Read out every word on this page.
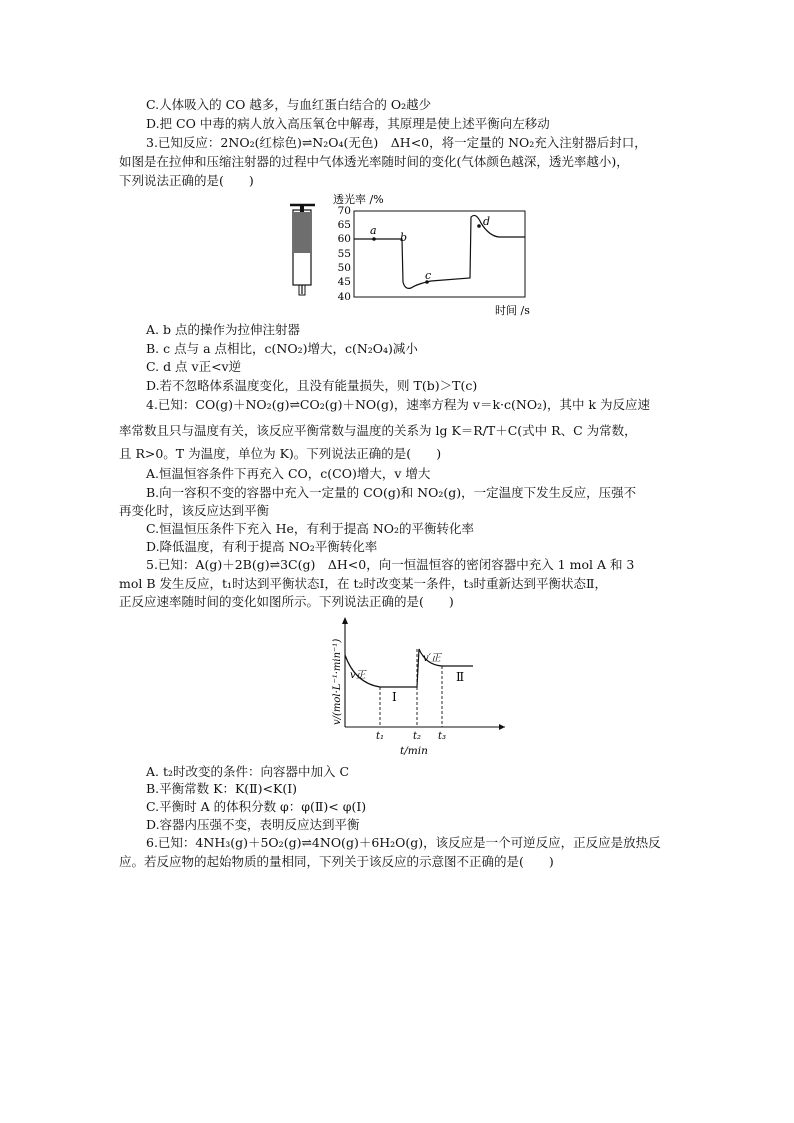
C.人体吸入的 CO 越多，与血红蛋白结合的 O₂越少
D.把 CO 中毒的病人放入高压氧仓中解毒，其原理是使上述平衡向左移动
3.已知反应：2NO₂(红棕色)⇌N₂O₄(无色)　ΔH<0，将一定量的 NO₂充入注射器后封口，
如图是在拉伸和压缩注射器的过程中气体透光率随时间的变化(气体颜色越深，透光率越小)，
下列说法正确的是(　　)
透光率 /%
时间 /s
70
65
60
55
50
45
40
a
b
c
d
A. b 点的操作为拉伸注射器
B. c 点与 a 点相比，c(NO₂)增大，c(N₂O₄)减小
C. d 点 v正<v逆
D.若不忽略体系温度变化，且没有能量损失，则 T(b)＞T(c)
4.已知：CO(g)＋NO₂(g)⇌CO₂(g)＋NO(g)，速率方程为 v＝k·c(NO₂)，其中 k 为反应速
率常数且只与温度有关，该反应平衡常数与温度的关系为 lg K＝R/T＋C(式中 R、C 为常数，
且 R>0。T 为温度，单位为 K)。下列说法正确的是(　　)
A.恒温恒容条件下再充入 CO，c(CO)增大，v 增大
B.向一容积不变的容器中充入一定量的 CO(g)和 NO₂(g)，一定温度下发生反应，压强不
再变化时，该反应达到平衡
C.恒温恒压条件下充入 He，有利于提高 NO₂的平衡转化率
D.降低温度，有利于提高 NO₂平衡转化率
5.已知：A(g)＋2B(g)⇌3C(g)　ΔH<0，向一恒温恒容的密闭容器中充入 1 mol A 和 3
mol B 发生反应，t₁时达到平衡状态Ⅰ，在 t₂时改变某一条件，t₃时重新达到平衡状态Ⅱ，
正反应速率随时间的变化如图所示。下列说法正确的是(　　)
v/(mol·L⁻¹·min⁻¹)
t/min
t₁	t₂ t₃
v正
v′正
Ⅰ
Ⅱ
A. t₂时改变的条件：向容器中加入 C
B.平衡常数 K：K(Ⅱ)<K(Ⅰ)
C.平衡时 A 的体积分数 φ：φ(Ⅱ)< φ(Ⅰ)
D.容器内压强不变，表明反应达到平衡
6.已知：4NH₃(g)＋5O₂(g)⇌4NO(g)＋6H₂O(g)，该反应是一个可逆反应，正反应是放热反
应。若反应物的起始物质的量相同，下列关于该反应的示意图不正确的是(　　)
